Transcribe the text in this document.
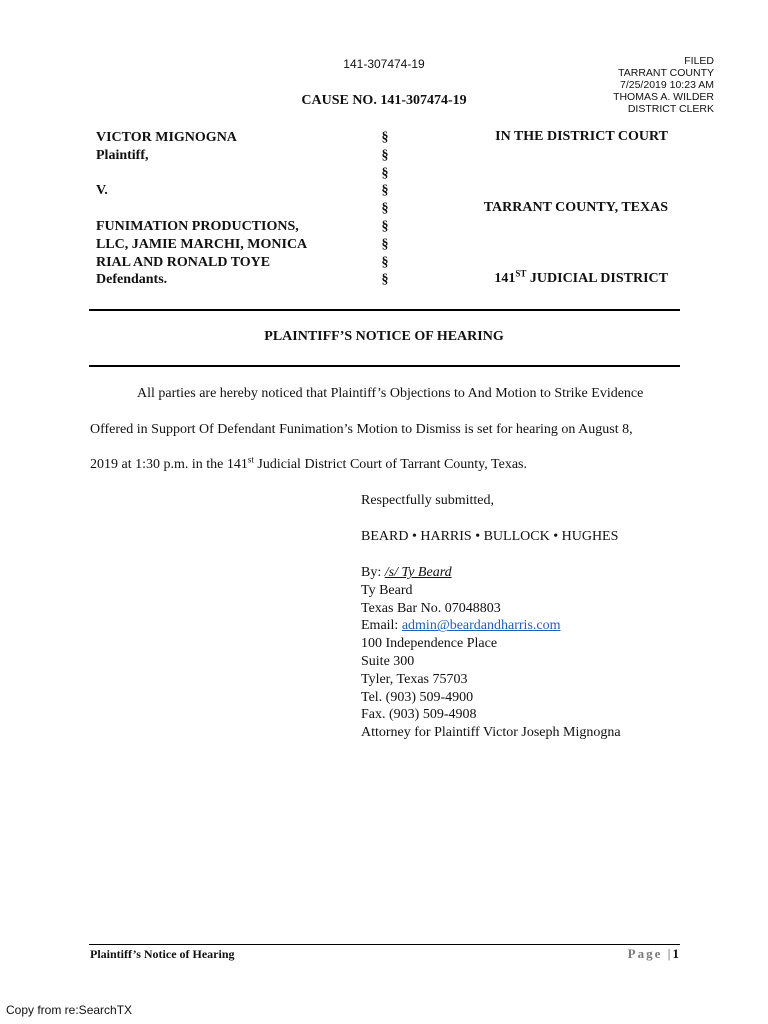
141-307474-19	FILED
TARRANT COUNTY
7/25/2019 10:23 AM
THOMAS A. WILDER
DISTRICT CLERK
CAUSE NO. 141-307474-19
VICTOR MIGNOGNA
Plaintiff,

V.

FUNIMATION PRODUCTIONS,
LLC, JAMIE MARCHI, MONICA
RIAL AND RONALD TOYE
Defendants.
§
§
§
§
§
§
§
§
§
IN THE DISTRICT COURT
TARRANT COUNTY, TEXAS
141ST JUDICIAL DISTRICT
PLAINTIFF’S NOTICE OF HEARING
All parties are hereby noticed that Plaintiff’s Objections to And Motion to Strike Evidence
Offered in Support Of Defendant Funimation’s Motion to Dismiss is set for hearing on August 8,
2019 at 1:30 p.m. in the 141st Judicial District Court of Tarrant County, Texas.
Respectfully submitted,
BEARD • HARRIS • BULLOCK • HUGHES
By: /s/ Ty Beard
Ty Beard
Texas Bar No. 07048803
Email: admin@beardandharris.com
100 Independence Place
Suite 300
Tyler, Texas 75703
Tel. (903) 509-4900
Fax. (903) 509-4908
Attorney for Plaintiff Victor Joseph Mignogna
Plaintiff’s Notice of Hearing	Page |1
Copy from re:SearchTX
